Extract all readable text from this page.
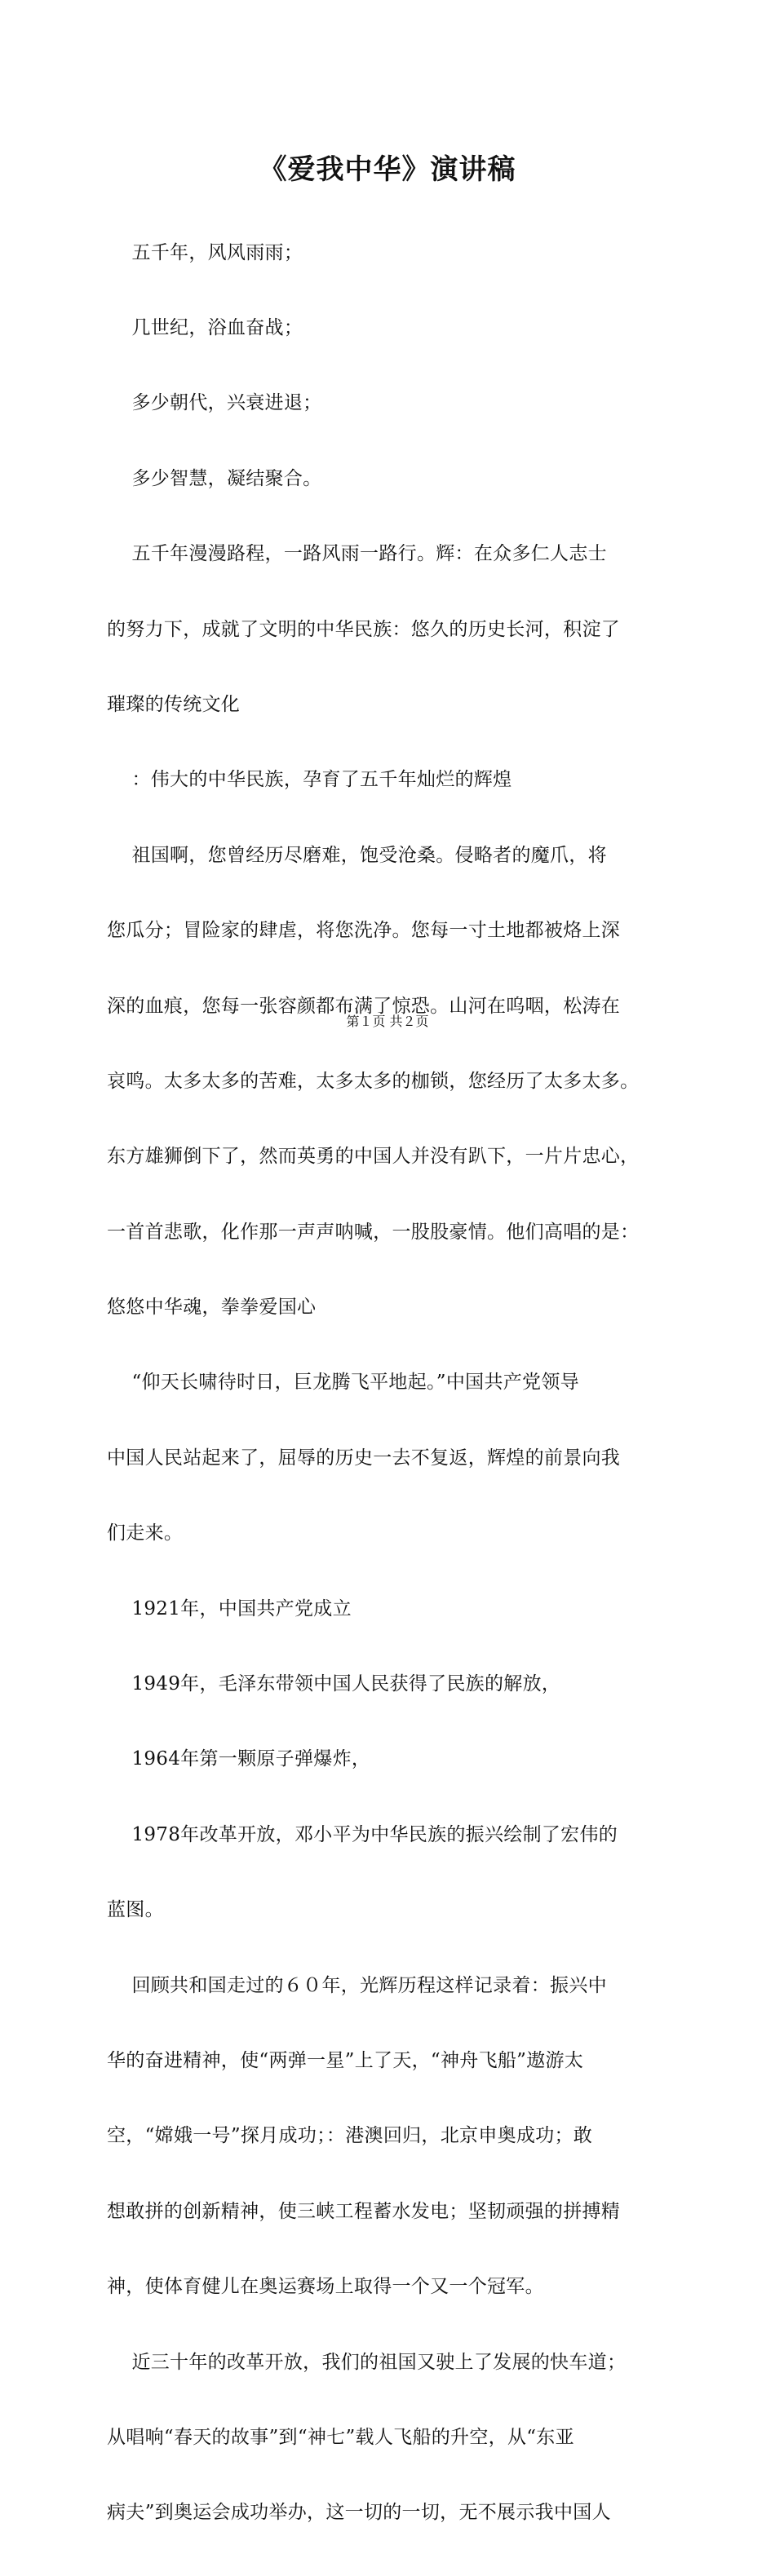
《爱我中华》演讲稿

五千年，风风雨雨；

几世纪，浴血奋战；

多少朝代，兴衰进退；

多少智慧，凝结聚合。

五千年漫漫路程，一路风雨一路行。辉：在众多仁人志士

的努力下，成就了文明的中华民族：悠久的历史长河，积淀了

璀璨的传统文化

：伟大的中华民族，孕育了五千年灿烂的辉煌

祖国啊，您曾经历尽磨难，饱受沧桑。侵略者的魔爪，将

您瓜分；冒险家的肆虐，将您洗净。您每一寸土地都被烙上深

深的血痕，您每一张容颜都布满了惊恐。山河在呜咽，松涛在

哀鸣。太多太多的苦难，太多太多的枷锁，您经历了太多太多。

东方雄狮倒下了，然而英勇的中国人并没有趴下，一片片忠心，

一首首悲歌，化作那一声声呐喊，一股股豪情。他们高唱的是：

悠悠中华魂，拳拳爱国心

“仰天长啸待时日，巨龙腾飞平地起。”中国共产党领导

中国人民站起来了，屈辱的历史一去不复返，辉煌的前景向我

们走来。

1921年，中国共产党成立

1949年，毛泽东带领中国人民获得了民族的解放，

1964年第一颗原子弹爆炸，

1978年改革开放，邓小平为中华民族的振兴绘制了宏伟的

蓝图。

回顾共和国走过的６０年，光辉历程这样记录着：振兴中

华的奋进精神，使“两弹一星”上了天，“神舟飞船”遨游太

空，“嫦娥一号”探月成功；：港澳回归，北京申奥成功；敢

想敢拼的创新精神，使三峡工程蓄水发电；坚韧顽强的拼搏精

神，使体育健儿在奥运赛场上取得一个又一个冠军。

近三十年的改革开放，我们的祖国又驶上了发展的快车道；

从唱响“春天的故事”到“神七”载人飞船的升空，从“东亚

病夫”到奥运会成功举办，这一切的一切，无不展示我中国人

第１页 共２页
